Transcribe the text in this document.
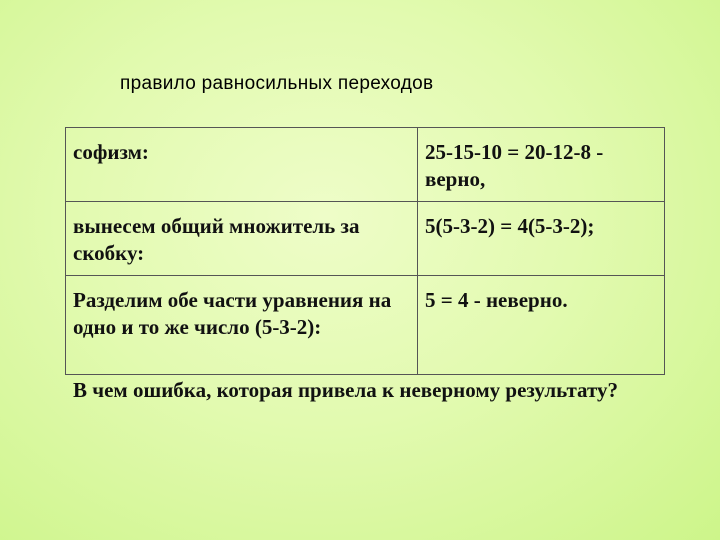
правило равносильных переходов
софизм:	25-15-10 = 20-12-8 - верно,
вынесем общий множитель за скобку:	5(5-3-2) = 4(5-3-2);
Разделим обе части уравнения на одно и то же число (5-3-2):	5 = 4 - неверно.
В чем ошибка, которая привела к неверному результату?
